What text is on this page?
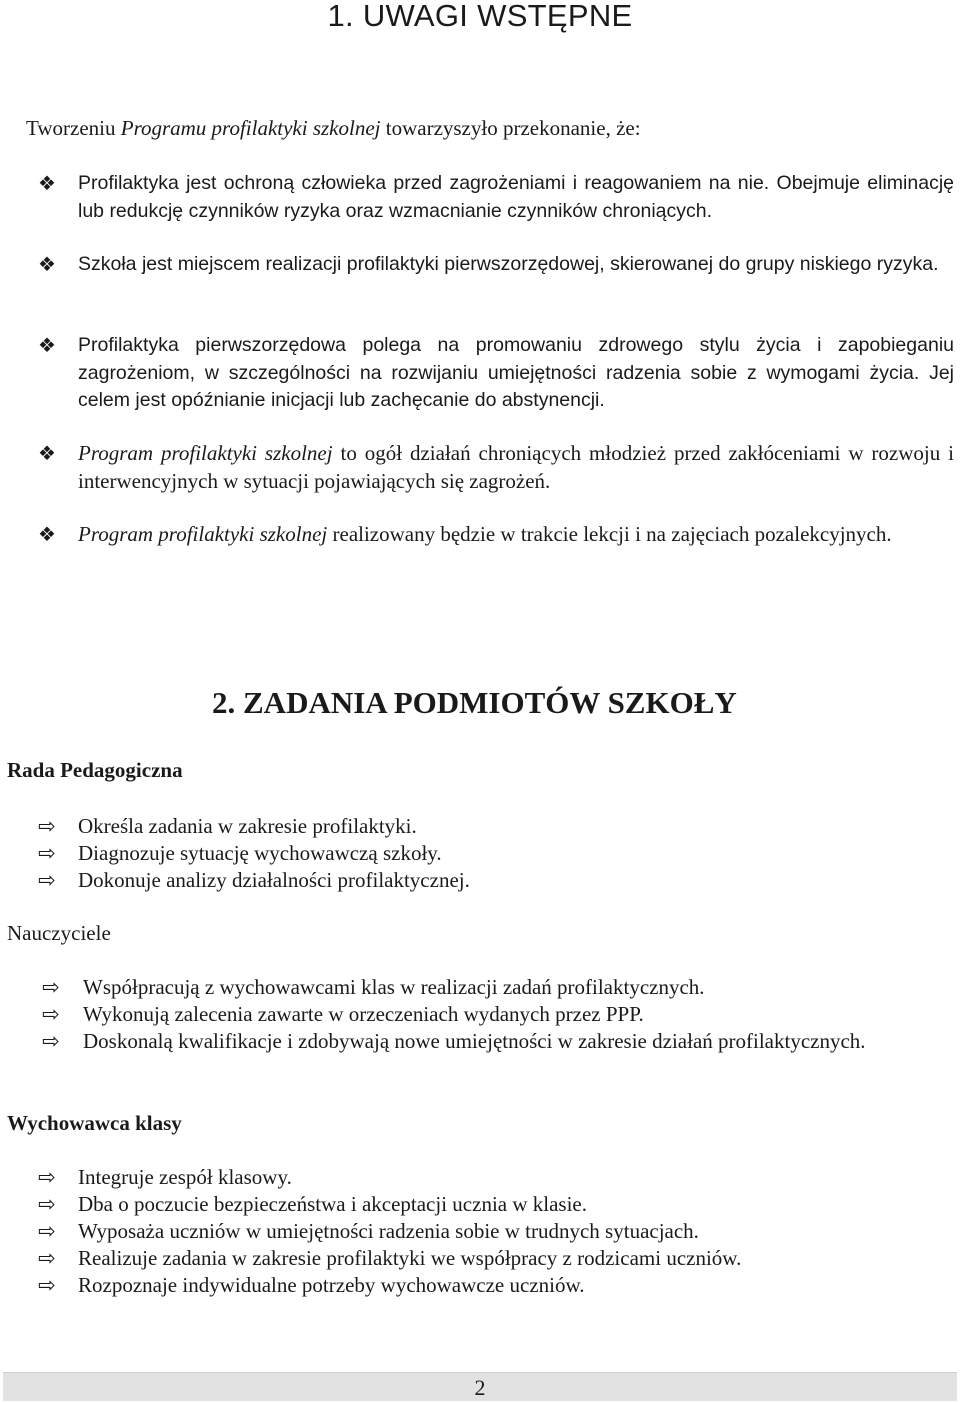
1. UWAGI WSTĘPNE

Tworzeniu Programu profilaktyki szkolnej towarzyszyło przekonanie, że:

❖ Profilaktyka jest ochroną człowieka przed zagrożeniami i reagowaniem na nie. Obejmuje eliminację lub redukcję czynników ryzyka oraz wzmacnianie czynników chroniących.

❖ Szkoła jest miejscem realizacji profilaktyki pierwszorzędowej, skierowanej do grupy niskiego ryzyka.

❖ Profilaktyka pierwszorzędowa polega na promowaniu zdrowego stylu życia i zapobieganiu zagrożeniom, w szczególności na rozwijaniu umiejętności radzenia sobie z wymogami życia. Jej celem jest opóźnianie inicjacji lub zachęcanie do abstynencji.

❖ Program profilaktyki szkolnej to ogół działań chroniących młodzież przed zakłóceniami w rozwoju i interwencyjnych w sytuacji pojawiających się zagrożeń.

❖ Program profilaktyki szkolnej realizowany będzie w trakcie lekcji i na zajęciach pozalekcyjnych.

2. ZADANIA PODMIOTÓW SZKOŁY

Rada Pedagogiczna

⇨ Określa zadania w zakresie profilaktyki.

⇨ Diagnozuje sytuację wychowawczą szkoły.

⇨ Dokonuje analizy działalności profilaktycznej.

Nauczyciele

⇨ Współpracują z wychowawcami klas w realizacji zadań profilaktycznych.

⇨ Wykonują zalecenia zawarte w orzeczeniach wydanych przez PPP.

⇨ Doskonalą kwalifikacje i zdobywają nowe umiejętności w zakresie działań profilaktycznych.

Wychowawca klasy

⇨ Integruje zespół klasowy.

⇨ Dba o poczucie bezpieczeństwa i akceptacji ucznia w klasie.

⇨ Wyposaża uczniów w umiejętności radzenia sobie w trudnych sytuacjach.

⇨ Realizuje zadania w zakresie profilaktyki we współpracy z rodzicami uczniów.

⇨ Rozpoznaje indywidualne potrzeby wychowawcze uczniów.

2
